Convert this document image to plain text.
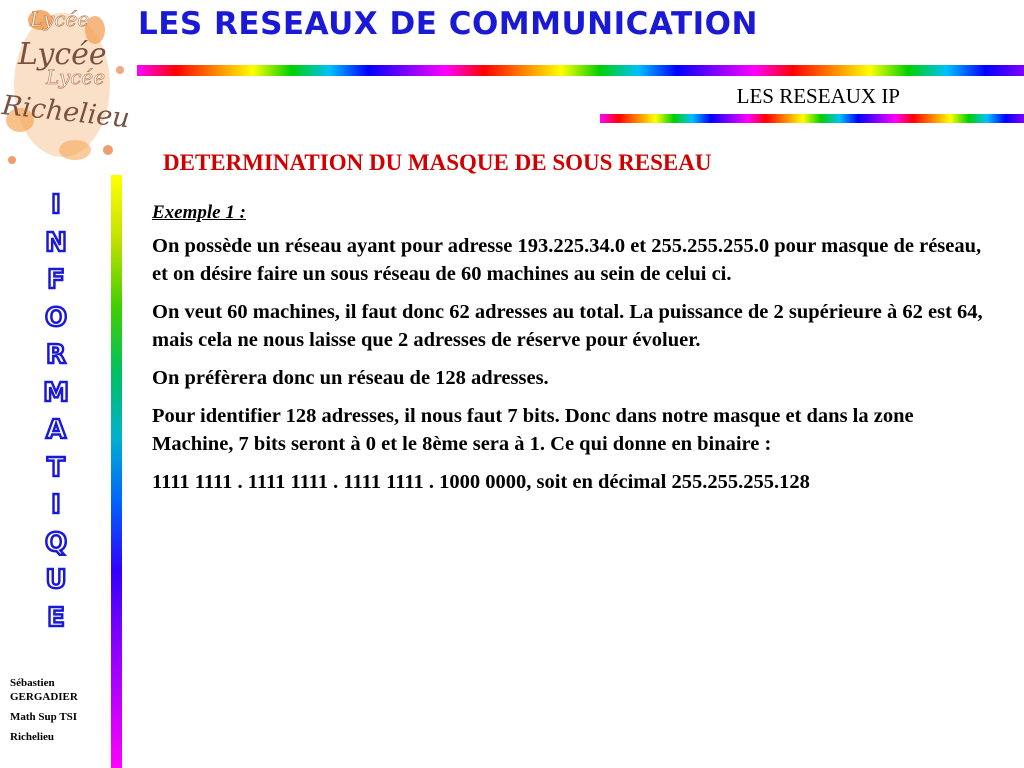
Lycée
Lycée
Lycée
Richelieu
LES RESEAUX DE COMMUNICATION
LES RESEAUX IP
I
N
F
O
R
M
A
T
I
Q
U
E
Sébastien
GERGADIER
Math Sup TSI
Richelieu
DETERMINATION DU MASQUE DE SOUS RESEAU

Exemple 1 :

On possède un réseau ayant pour adresse 193.225.34.0 et 255.255.255.0 pour masque de réseau, et on désire faire un sous réseau de 60 machines au sein de celui ci.

On veut 60 machines, il faut donc 62 adresses au total. La puissance de 2 supérieure à 62 est 64, mais cela ne nous laisse que 2 adresses de réserve pour évoluer.

On préfèrera donc un réseau de 128 adresses.

Pour identifier 128 adresses, il nous faut 7 bits. Donc dans notre masque et dans la zone Machine, 7 bits seront à 0 et le 8ème sera à 1. Ce qui donne en binaire :

1111 1111 . 1111 1111 . 1111 1111 . 1000 0000, soit en décimal 255.255.255.128
